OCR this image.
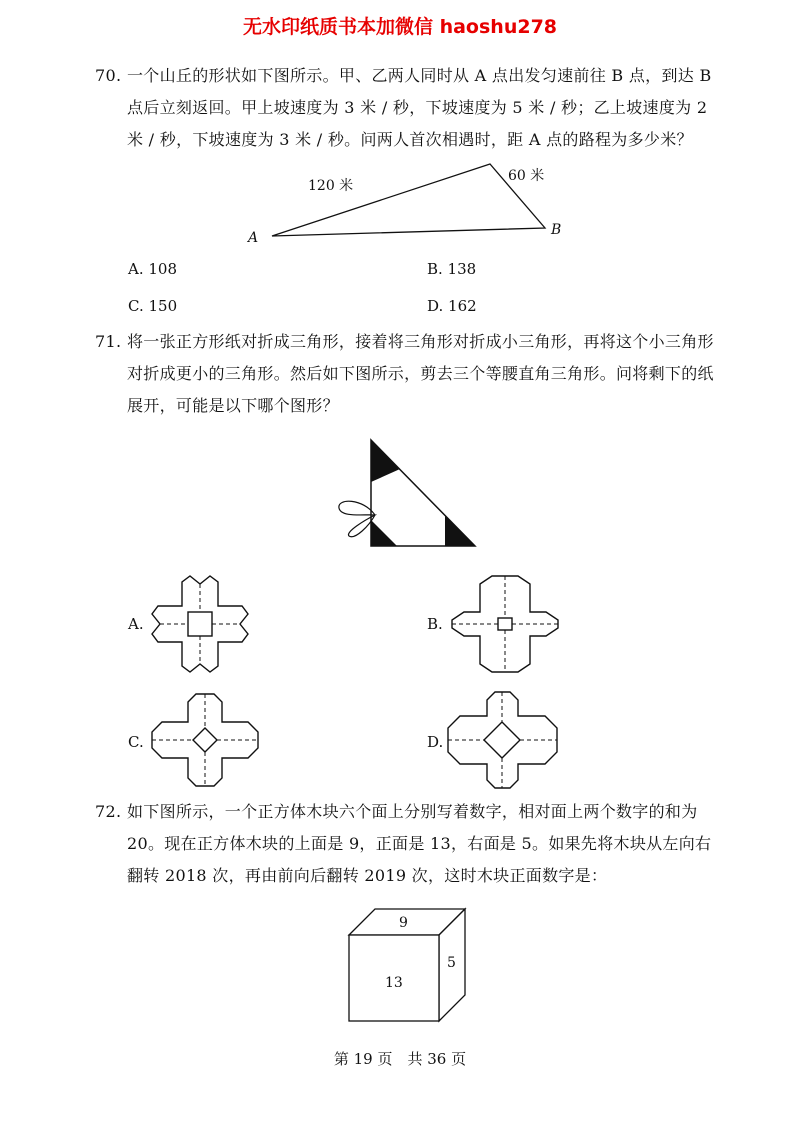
无水印纸质书本加微信 haoshu278
70. 一个山丘的形状如下图所示。甲、乙两人同时从 A 点出发匀速前往 B 点，到达 B 点后立刻返回。甲上坡速度为 3 米 / 秒，下坡速度为 5 米 / 秒；乙上坡速度为 2 米 / 秒，下坡速度为 3 米 / 秒。问两人首次相遇时，距 A 点的路程为多少米？
120 米
60 米
A	B
A. 108	B. 138
C. 150	D. 162
71. 将一张正方形纸对折成三角形，接着将三角形对折成小三角形，再将这个小三角形对折成更小的三角形。然后如下图所示，剪去三个等腰直角三角形。问将剩下的纸展开，可能是以下哪个图形？
A.	B.
C.	D.
72. 如下图所示，一个正方体木块六个面上分别写着数字，相对面上两个数字的和为 20。现在正方体木块的上面是 9，正面是 13，右面是 5。如果先将木块从左向右翻转 2018 次，再由前向后翻转 2019 次，这时木块正面数字是：
9
13
5
第 19 页　共 36 页
